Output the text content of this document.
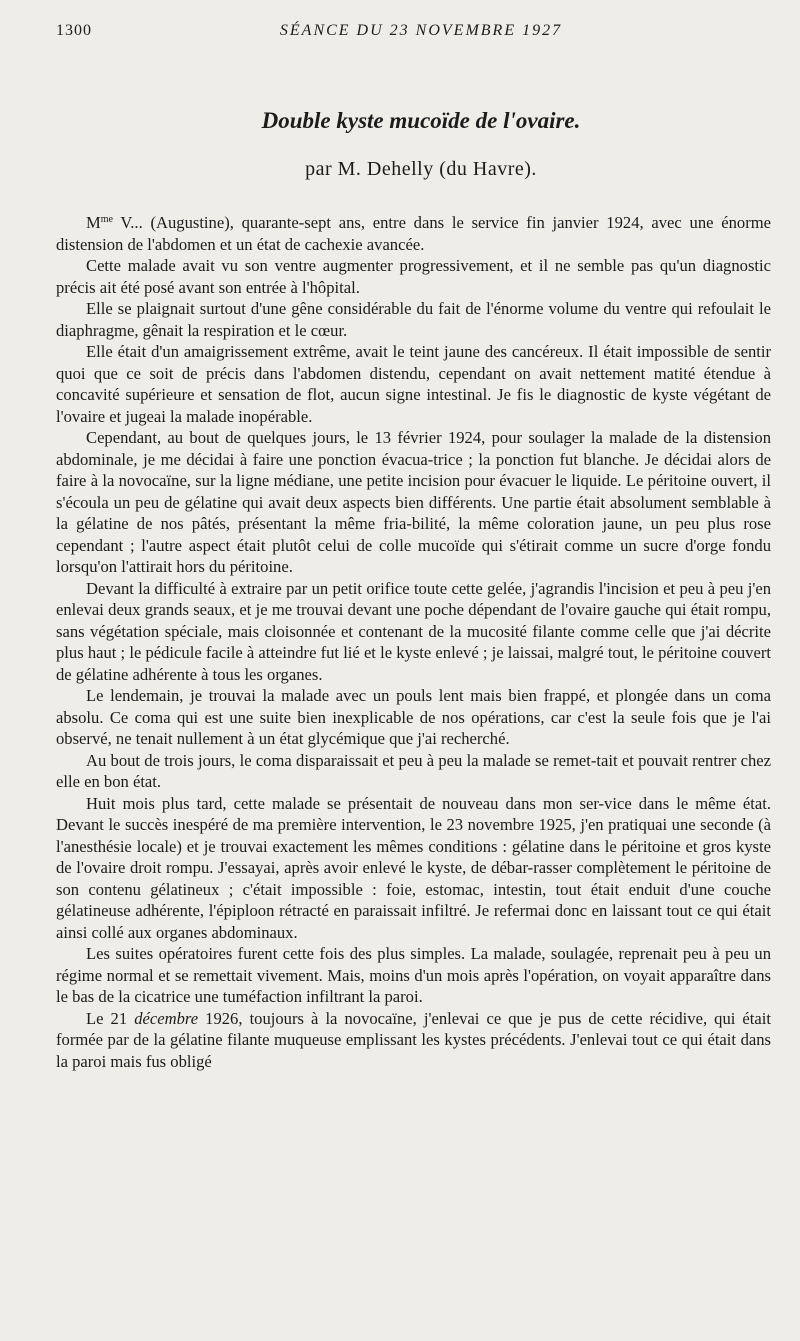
1300	SÉANCE DU 23 NOVEMBRE 1927
Double kyste mucoïde de l'ovaire.

par M. Dehelly (du Havre).

$M^{me}$ V... (Augustine), quarante-sept ans, entre dans le service fin janvier 1924, avec une énorme distension de l'abdomen et un état de cachexie avancée.

Cette malade avait vu son ventre augmenter progressivement, et il ne semble pas qu'un diagnostic précis ait été posé avant son entrée à l'hôpital.

Elle se plaignait surtout d'une gêne considérable du fait de l'énorme volume du ventre qui refoulait le diaphragme, gênait la respiration et le cœur.

Elle était d'un amaigrissement extrême, avait le teint jaune des cancéreux. Il était impossible de sentir quoi que ce soit de précis dans l'abdomen distendu, cependant on avait nettement matité étendue à concavité supérieure et sensation de flot, aucun signe intestinal. Je fis le diagnostic de kyste végétant de l'ovaire et jugeai la malade inopérable.

Cependant, au bout de quelques jours, le 13 février 1924, pour soulager la malade de la distension abdominale, je me décidai à faire une ponction évacua-trice ; la ponction fut blanche. Je décidai alors de faire à la novocaïne, sur la ligne médiane, une petite incision pour évacuer le liquide. Le péritoine ouvert, il s'écoula un peu de gélatine qui avait deux aspects bien différents. Une partie était absolument semblable à la gélatine de nos pâtés, présentant la même fria-bilité, la même coloration jaune, un peu plus rose cependant ; l'autre aspect était plutôt celui de colle mucoïde qui s'étirait comme un sucre d'orge fondu lorsqu'on l'attirait hors du péritoine.

Devant la difficulté à extraire par un petit orifice toute cette gelée, j'agrandis l'incision et peu à peu j'en enlevai deux grands seaux, et je me trouvai devant une poche dépendant de l'ovaire gauche qui était rompu, sans végétation spéciale, mais cloisonnée et contenant de la mucosité filante comme celle que j'ai décrite plus haut ; le pédicule facile à atteindre fut lié et le kyste enlevé ; je laissai, malgré tout, le péritoine couvert de gélatine adhérente à tous les organes.

Le lendemain, je trouvai la malade avec un pouls lent mais bien frappé, et plongée dans un coma absolu. Ce coma qui est une suite bien inexplicable de nos opérations, car c'est la seule fois que je l'ai observé, ne tenait nullement à un état glycémique que j'ai recherché.

Au bout de trois jours, le coma disparaissait et peu à peu la malade se remet-tait et pouvait rentrer chez elle en bon état.

Huit mois plus tard, cette malade se présentait de nouveau dans mon ser-vice dans le même état. Devant le succès inespéré de ma première intervention, le 23 novembre 1925, j'en pratiquai une seconde (à l'anesthésie locale) et je trouvai exactement les mêmes conditions : gélatine dans le péritoine et gros kyste de l'ovaire droit rompu. J'essayai, après avoir enlevé le kyste, de débar-rasser complètement le péritoine de son contenu gélatineux ; c'était impossible : foie, estomac, intestin, tout était enduit d'une couche gélatineuse adhérente, l'épiploon rétracté en paraissait infiltré. Je refermai donc en laissant tout ce qui était ainsi collé aux organes abdominaux.

Les suites opératoires furent cette fois des plus simples. La malade, soulagée, reprenait peu à peu un régime normal et se remettait vivement. Mais, moins d'un mois après l'opération, on voyait apparaître dans le bas de la cicatrice une tuméfaction infiltrant la paroi.

Le 21 décembre 1926, toujours à la novocaïne, j'enlevai ce que je pus de cette récidive, qui était formée par de la gélatine filante muqueuse emplissant les kystes précédents. J'enlevai tout ce qui était dans la paroi mais fus obligé
